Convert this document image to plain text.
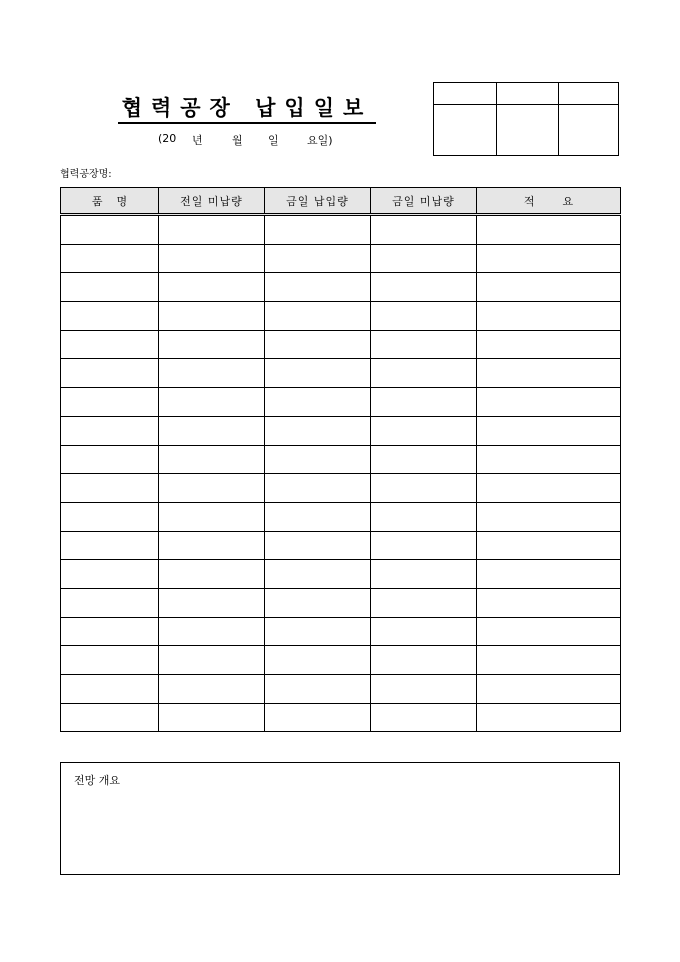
협력공장 납입일보
(20 년	월 일	요일)
협력공장명:
품    명	전일 미납량	금일 납입량	금일 미납량	적        요

전망 개요
